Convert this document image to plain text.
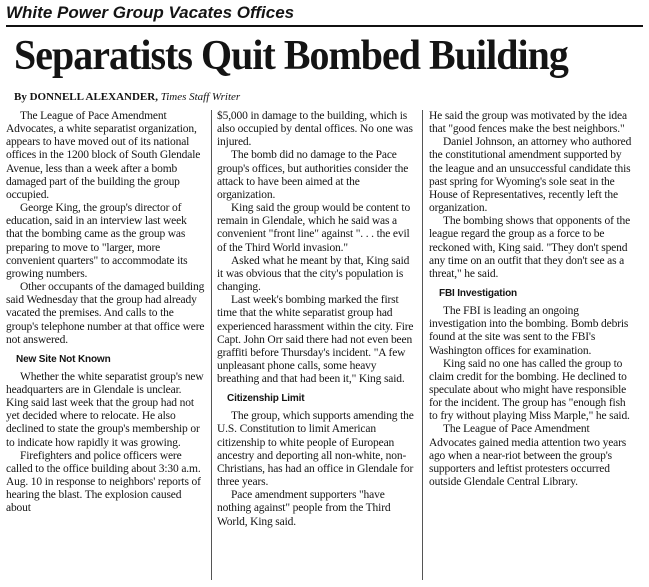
White Power Group Vacates Offices
Separatists Quit Bombed Building
By DONNELL ALEXANDER, Times Staff Writer

The League of Pace Amendment Advocates, a white separatist organization, appears to have moved out of its national offices in the 1200 block of South Glendale Avenue, less than a week after a bomb damaged part of the building the group occupied.

George King, the group's director of education, said in an interview last week that the bombing came as the group was preparing to move to "larger, more convenient quarters" to accommodate its growing numbers.

Other occupants of the damaged building said Wednesday that the group had already vacated the premises. And calls to the group's telephone number at that office were not answered.

New Site Not Known

Whether the white separatist group's new headquarters are in Glendale is unclear. King said last week that the group had not yet decided where to relocate. He also declined to state the group's membership or to indicate how rapidly it was growing.

Firefighters and police officers were called to the office building about 3:30 a.m. Aug. 10 in response to neighbors' reports of hearing the blast. The explosion caused about

$5,000 in damage to the building, which is also occupied by dental offices. No one was injured.

The bomb did no damage to the Pace group's offices, but authorities consider the attack to have been aimed at the organization.

King said the group would be content to remain in Glendale, which he said was a convenient "front line" against ". . . the evil of the Third World invasion."

Asked what he meant by that, King said it was obvious that the city's population is changing.

Last week's bombing marked the first time that the white separatist group had experienced harassment within the city. Fire Capt. John Orr said there had not even been graffiti before Thursday's incident. "A few unpleasant phone calls, some heavy breathing and that had been it," King said.

Citizenship Limit

The group, which supports amending the U.S. Constitution to limit American citizenship to white people of European ancestry and deporting all non-white, non-Christians, has had an office in Glendale for three years.

Pace amendment supporters "have nothing against" people from the Third World, King said.

He said the group was motivated by the idea that "good fences make the best neighbors."

Daniel Johnson, an attorney who authored the constitutional amendment supported by the league and an unsuccessful candidate this past spring for Wyoming's sole seat in the House of Representatives, recently left the organization.

The bombing shows that opponents of the league regard the group as a force to be reckoned with, King said. "They don't spend any time on an outfit that they don't see as a threat," he said.

FBI Investigation

The FBI is leading an ongoing investigation into the bombing. Bomb debris found at the site was sent to the FBI's Washington offices for examination.

King said no one has called the group to claim credit for the bombing. He declined to speculate about who might have responsible for the incident. The group has "enough fish to fry without playing Miss Marple," he said.

The League of Pace Amendment Advocates gained media attention two years ago when a near-riot between the group's supporters and leftist protesters occurred outside Glendale Central Library.
